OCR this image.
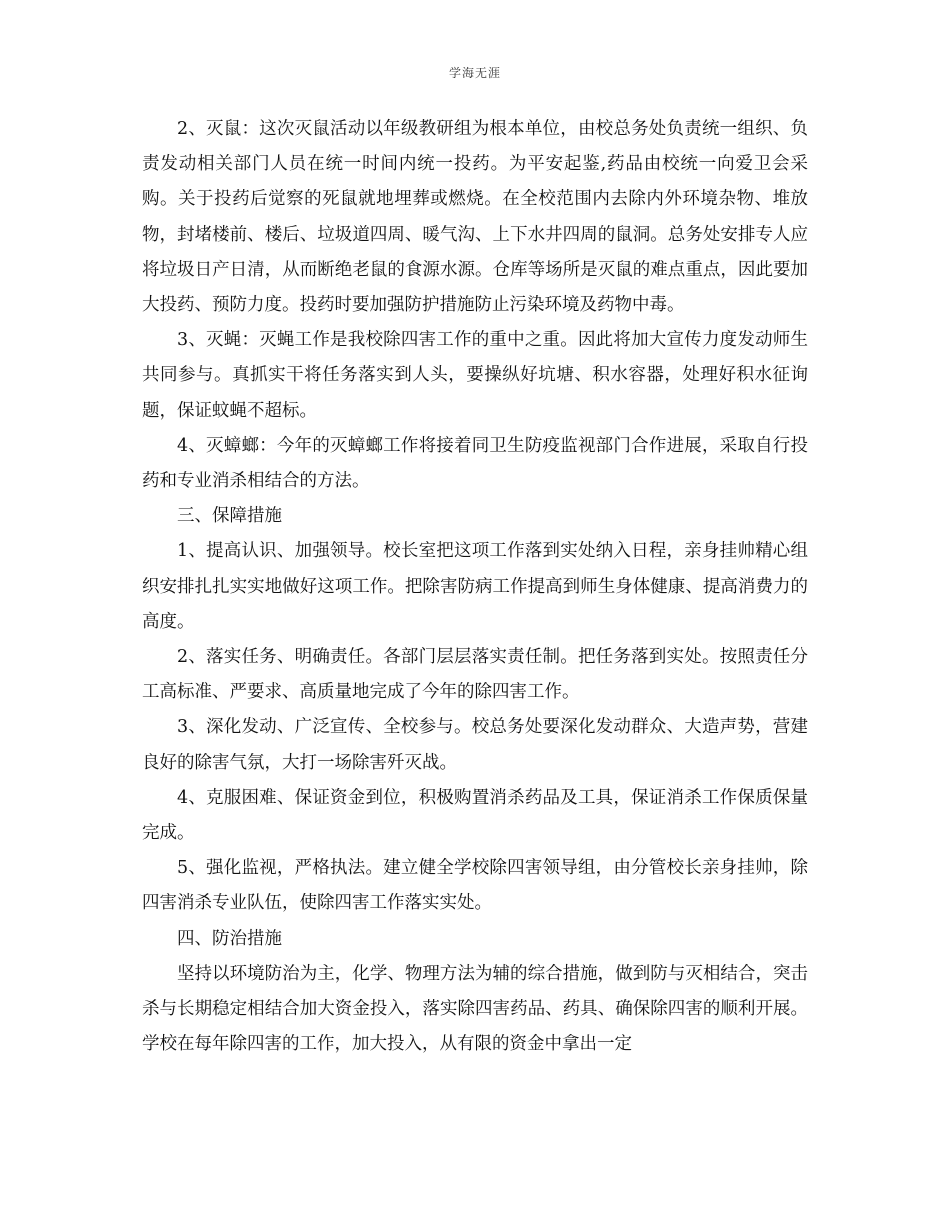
学海无涯

2、灭鼠：这次灭鼠活动以年级教研组为根本单位，由校总务处负责统一组织、负责发动相关部门人员在统一时间内统一投药。为平安起鉴,药品由校统一向爱卫会采购。关于投药后觉察的死鼠就地埋葬或燃烧。在全校范围内去除内外环境杂物、堆放物，封堵楼前、楼后、垃圾道四周、暖气沟、上下水井四周的鼠洞。总务处安排专人应将垃圾日产日清，从而断绝老鼠的食源水源。仓库等场所是灭鼠的难点重点，因此要加大投药、预防力度。投药时要加强防护措施防止污染环境及药物中毒。

3、灭蝇：灭蝇工作是我校除四害工作的重中之重。因此将加大宣传力度发动师生共同参与。真抓实干将任务落实到人头，要操纵好坑塘、积水容器，处理好积水征询题，保证蚊蝇不超标。

4、灭蟑螂：今年的灭蟑螂工作将接着同卫生防疫监视部门合作进展，采取自行投药和专业消杀相结合的方法。

三、保障措施

1、提高认识、加强领导。校长室把这项工作落到实处纳入日程，亲身挂帅精心组织安排扎扎实实地做好这项工作。把除害防病工作提高到师生身体健康、提高消费力的高度。

2、落实任务、明确责任。各部门层层落实责任制。把任务落到实处。按照责任分工高标准、严要求、高质量地完成了今年的除四害工作。

3、深化发动、广泛宣传、全校参与。校总务处要深化发动群众、大造声势，营建良好的除害气氛，大打一场除害歼灭战。

4、克服困难、保证资金到位，积极购置消杀药品及工具，保证消杀工作保质保量完成。

5、强化监视，严格执法。建立健全学校除四害领导组，由分管校长亲身挂帅，除四害消杀专业队伍，使除四害工作落实实处。

四、防治措施

坚持以环境防治为主，化学、物理方法为辅的综合措施，做到防与灭相结合，突击杀与长期稳定相结合加大资金投入，落实除四害药品、药具、确保除四害的顺利开展。学校在每年除四害的工作，加大投入，从有限的资金中拿出一定
